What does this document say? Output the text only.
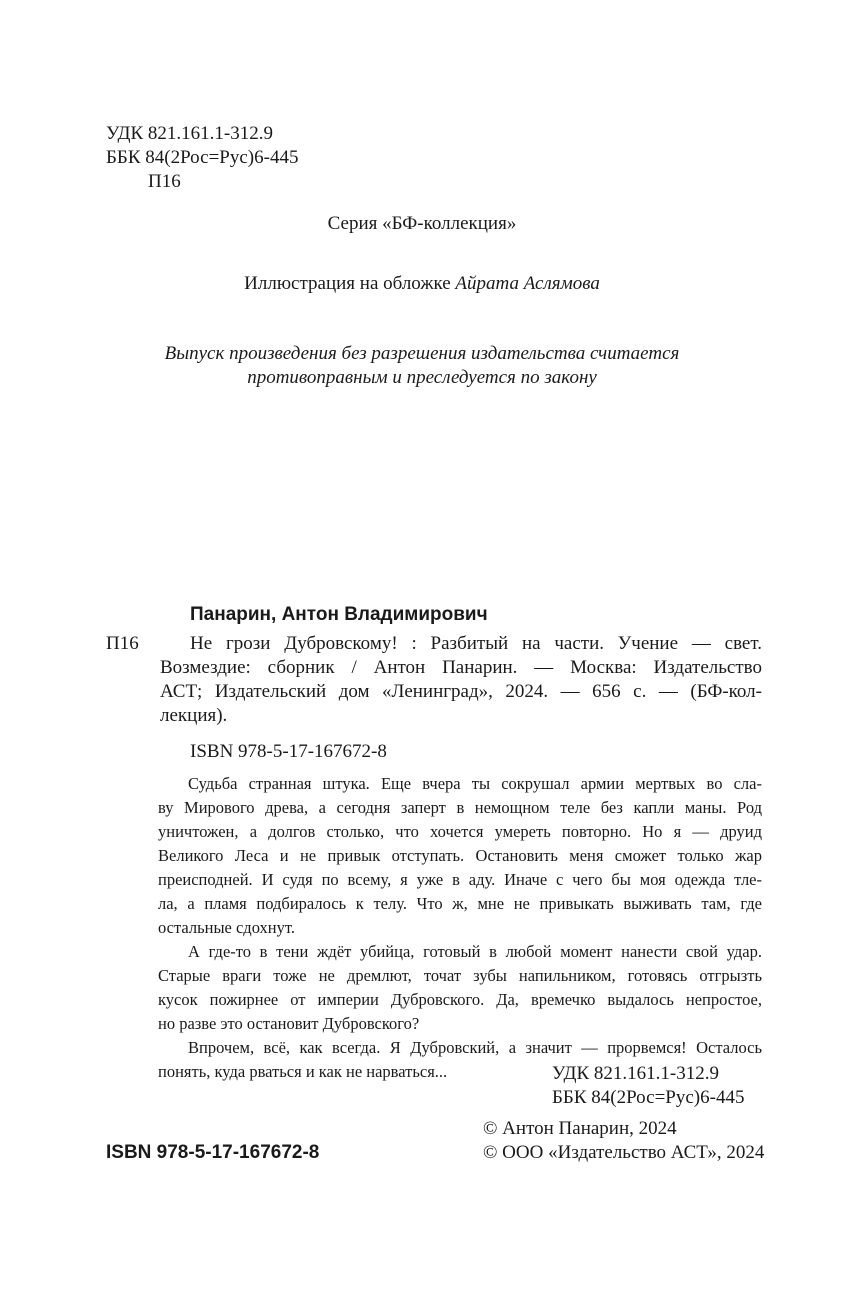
УДК 821.161.1-312.9
ББК 84(2Рос=Рус)6-445
П16
Серия «БФ-коллекция»
Иллюстрация на обложке Айрата Аслямова
Выпуск произведения без разрешения издательства считается
противоправным и преследуется по закону
Панарин, Антон Владимирович
П16	Не грози Дубровскому! : Разбитый на части. Учение — свет.
Возмездие: сборник / Антон Панарин. — Москва: Издательство
АСТ; Издательский дом «Ленинград», 2024. — 656 с. — (БФ-кол-
лекция).
ISBN 978-5-17-167672-8
Судьба странная штука. Еще вчера ты сокрушал армии мертвых во сла-
ву Мирового древа, а сегодня заперт в немощном теле без капли маны. Род
уничтожен, а долгов столько, что хочется умереть повторно. Но я — друид
Великого Леса и не привык отступать. Остановить меня сможет только жар
преисподней. И судя по всему, я уже в аду. Иначе с чего бы моя одежда тле-
ла, а пламя подбиралось к телу. Что ж, мне не привыкать выживать там, где
остальные сдохнут.
А где-то в тени ждёт убийца, готовый в любой момент нанести свой удар.
Старые враги тоже не дремлют, точат зубы напильником, готовясь отгрызть
кусок пожирнее от империи Дубровского. Да, времечко выдалось непростое,
но разве это остановит Дубровского?
Впрочем, всё, как всегда. Я Дубровский, а значит — прорвемся! Осталось
понять, куда рваться и как не нарваться...	УДК 821.161.1-312.9
ББК 84(2Рос=Рус)6-445
ISBN 978-5-17-167672-8
© Антон Панарин, 2024
© ООО «Издательство АСТ», 2024
